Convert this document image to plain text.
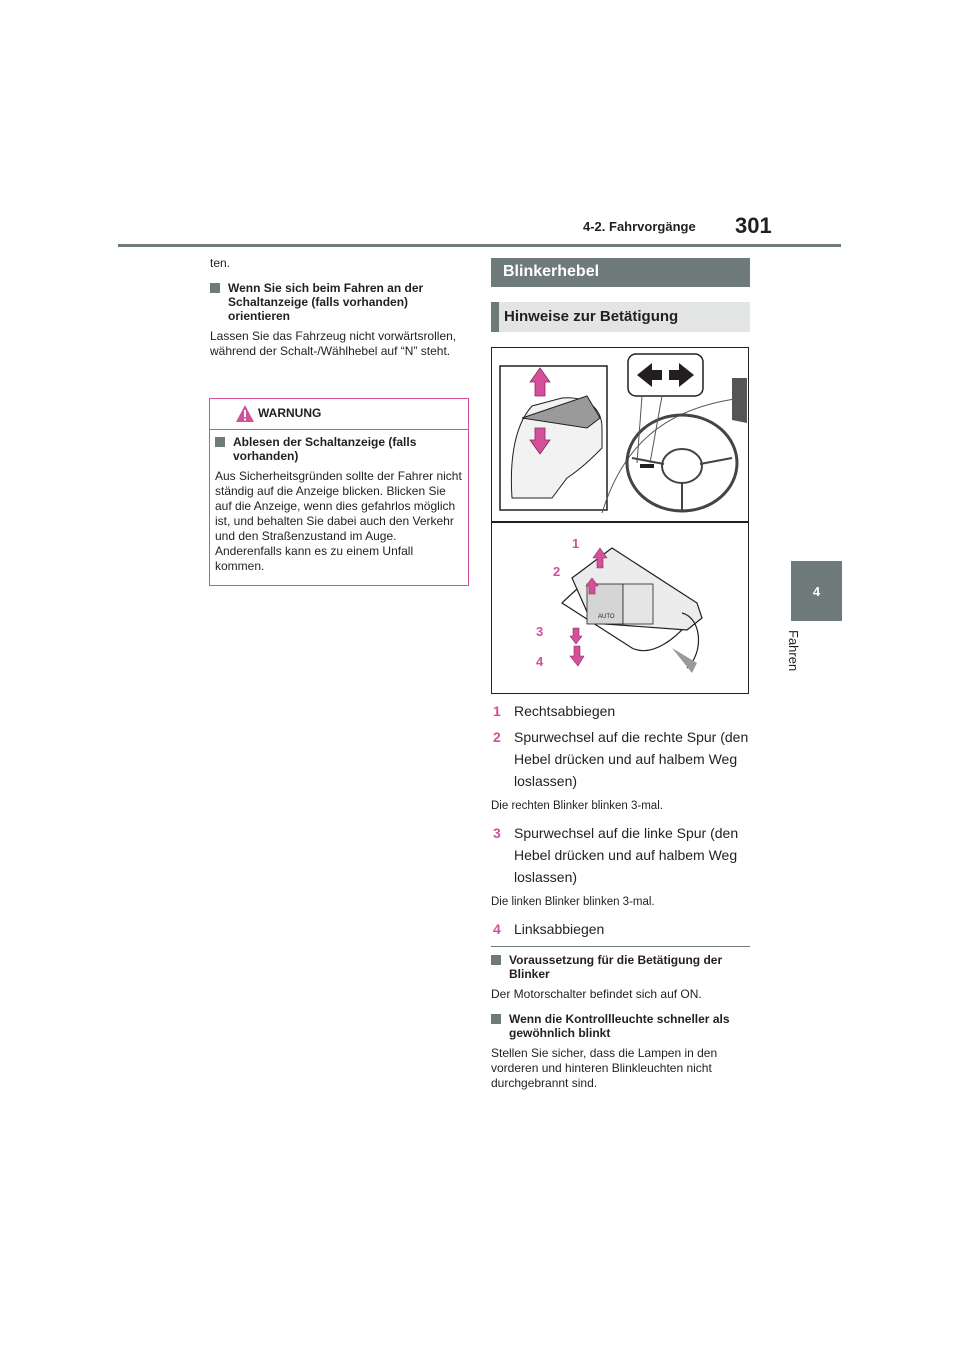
4-2. Fahrvorgänge 301
4
Fahren
ten.
Wenn Sie sich beim Fahren an der Schaltanzeige (falls vorhanden) orientieren
Lassen Sie das Fahrzeug nicht vorwärtsrollen, während der Schalt-/Wählhebel auf “N” steht.
WARNUNG
Ablesen der Schaltanzeige (falls vorhanden)
Aus Sicherheitsgründen sollte der Fahrer nicht ständig auf die Anzeige blicken. Blicken Sie auf die Anzeige, wenn dies gefahrlos möglich ist, und behalten Sie dabei auch den Verkehr und den Straßenzustand im Auge. Anderenfalls kann es zu einem Unfall kommen.
Blinkerhebel
Hinweise zur Betätigung
AUTO
1
2
3
4
1 Rechtsabbiegen
2 Spurwechsel auf die rechte Spur (den Hebel drücken und auf halbem Weg loslassen)
Die rechten Blinker blinken 3-mal.
3 Spurwechsel auf die linke Spur (den Hebel drücken und auf halbem Weg loslassen)
Die linken Blinker blinken 3-mal.
4 Linksabbiegen
Voraussetzung für die Betätigung der Blinker
Der Motorschalter befindet sich auf ON.
Wenn die Kontrollleuchte schneller als gewöhnlich blinkt
Stellen Sie sicher, dass die Lampen in den vorderen und hinteren Blinkleuchten nicht durchgebrannt sind.
